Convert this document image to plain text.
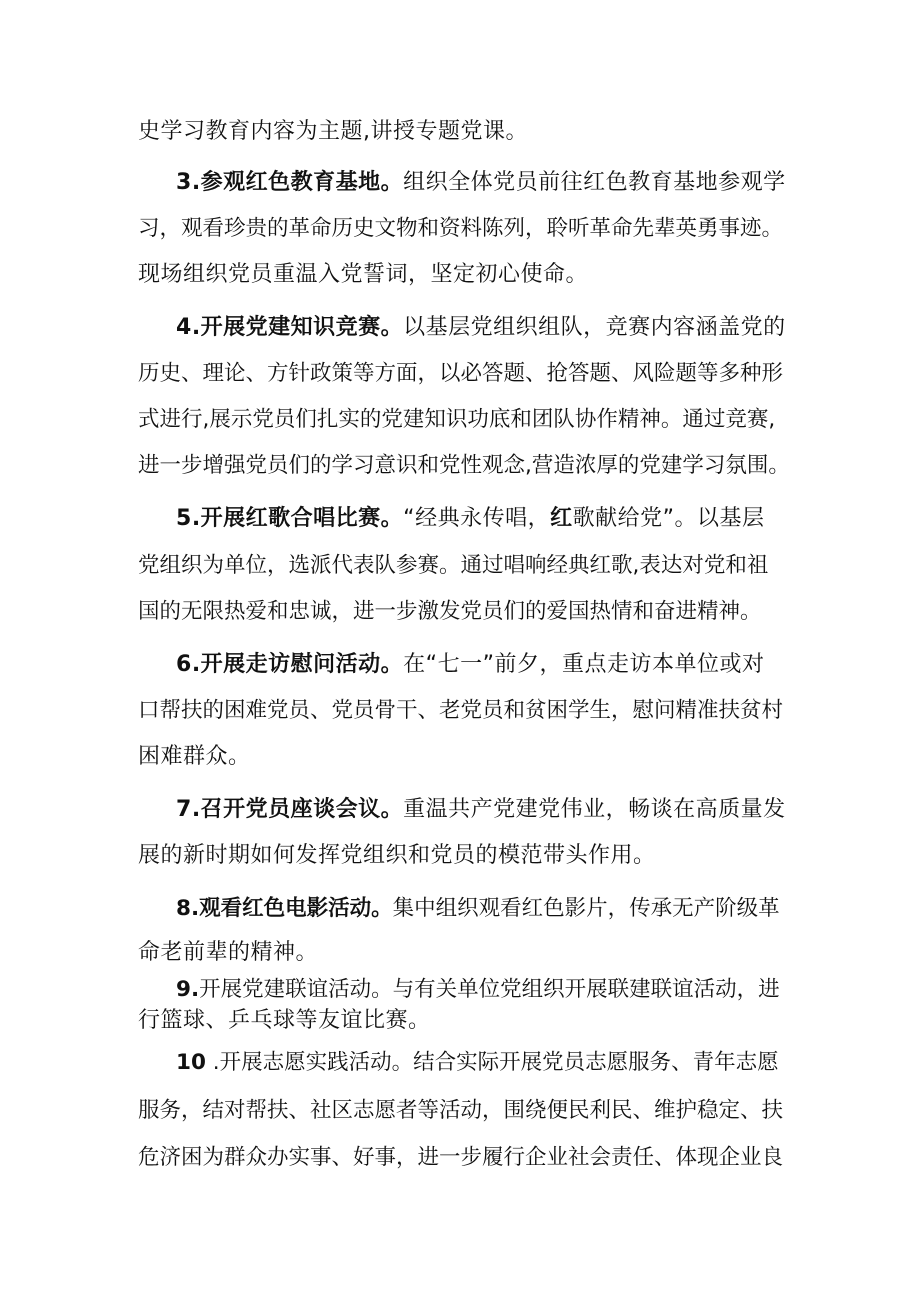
史学习教育内容为主题,讲授专题党课。
3.参观红色教育基地。组织全体党员前往红色教育基地参观学
习，观看珍贵的革命历史文物和资料陈列，聆听革命先辈英勇事迹。
现场组织党员重温入党誓词，坚定初心使命。
4.开展党建知识竞赛。以基层党组织组队，竞赛内容涵盖党的
历史、理论、方针政策等方面，以必答题、抢答题、风险题等多种形
式进行,展示党员们扎实的党建知识功底和团队协作精神。通过竞赛,
进一步增强党员们的学习意识和党性观念,营造浓厚的党建学习氛围。
5.开展红歌合唱比赛。“经典永传唱，红歌献给党”。以基层
党组织为单位，选派代表队参赛。通过唱响经典红歌,表达对党和祖
国的无限热爱和忠诚，进一步激发党员们的爱国热情和奋进精神。
6.开展走访慰问活动。在“七一”前夕，重点走访本单位或对
口帮扶的困难党员、党员骨干、老党员和贫困学生，慰问精准扶贫村
困难群众。
7.召开党员座谈会议。重温共产党建党伟业，畅谈在高质量发
展的新时期如何发挥党组织和党员的模范带头作用。
8.观看红色电影活动。集中组织观看红色影片，传承无产阶级革
命老前辈的精神。
9.开展党建联谊活动。与有关单位党组织开展联建联谊活动，进
行篮球、乒乓球等友谊比赛。
10 .开展志愿实践活动。结合实际开展党员志愿服务、青年志愿
服务，结对帮扶、社区志愿者等活动，围绕便民利民、维护稳定、扶
危济困为群众办实事、好事，进一步履行企业社会责任、体现企业良
